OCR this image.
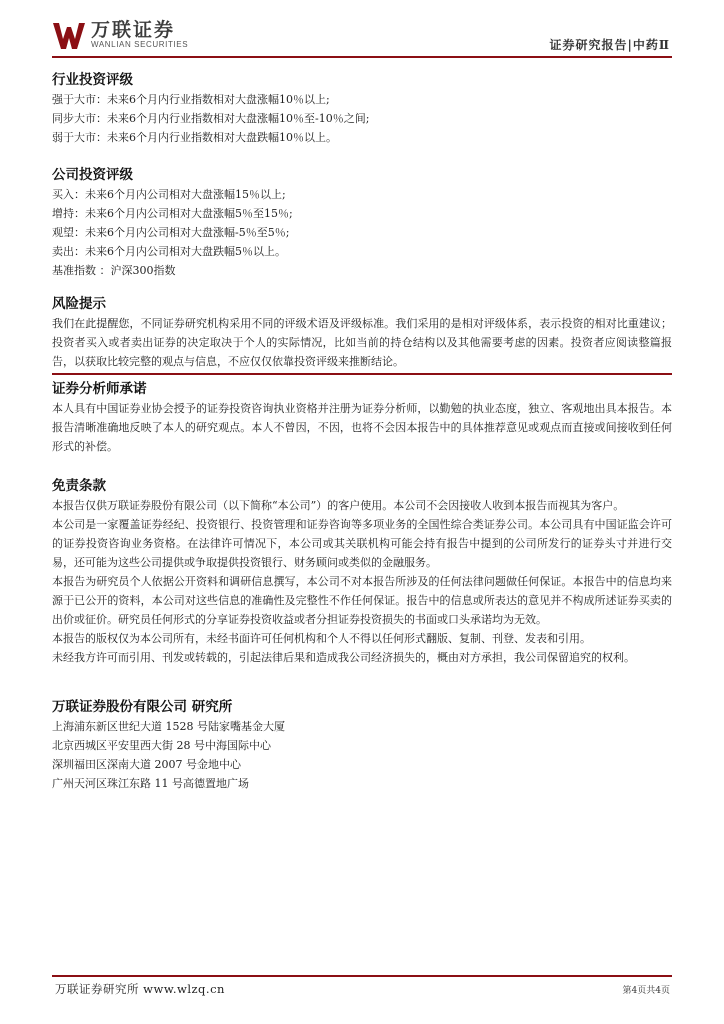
万联证券
WANLIAN SECURITIES	证券研究报告|中药Ⅱ

行业投资评级

强于大市：未来6个月内行业指数相对大盘涨幅10％以上;

同步大市：未来6个月内行业指数相对大盘涨幅10％至-10％之间;

弱于大市：未来6个月内行业指数相对大盘跌幅10％以上。

公司投资评级

买入：未来6个月内公司相对大盘涨幅15％以上;

增持：未来6个月内公司相对大盘涨幅5％至15％;

观望：未来6个月内公司相对大盘涨幅-5％至5％;

卖出：未来6个月内公司相对大盘跌幅5％以上。

基准指数 ：沪深300指数

风险提示

我们在此提醒您，不同证券研究机构采用不同的评级术语及评级标准。我们采用的是相对评级体系，表示投资的相对比重建议；投资者买入或者卖出证券的决定取决于个人的实际情况，比如当前的持仓结构以及其他需要考虑的因素。投资者应阅读整篇报告，以获取比较完整的观点与信息，不应仅仅依靠投资评级来推断结论。

证券分析师承诺

本人具有中国证券业协会授予的证券投资咨询执业资格并注册为证券分析师，以勤勉的执业态度，独立、客观地出具本报告。本报告清晰准确地反映了本人的研究观点。本人不曾因，不因，也将不会因本报告中的具体推荐意见或观点而直接或间接收到任何形式的补偿。

免责条款

本报告仅供万联证券股份有限公司（以下简称“本公司”）的客户使用。本公司不会因接收人收到本报告而视其为客户。

本公司是一家覆盖证券经纪、投资银行、投资管理和证券咨询等多项业务的全国性综合类证券公司。本公司具有中国证监会许可的证券投资咨询业务资格。在法律许可情况下，本公司或其关联机构可能会持有报告中提到的公司所发行的证券头寸并进行交易，还可能为这些公司提供或争取提供投资银行、财务顾问或类似的金融服务。

本报告为研究员个人依据公开资料和调研信息撰写，本公司不对本报告所涉及的任何法律问题做任何保证。本报告中的信息均来源于已公开的资料，本公司对这些信息的准确性及完整性不作任何保证。报告中的信息或所表达的意见并不构成所述证券买卖的出价或征价。研究员任何形式的分享证券投资收益或者分担证券投资损失的书面或口头承诺均为无效。

本报告的版权仅为本公司所有，未经书面许可任何机构和个人不得以任何形式翻版、复制、刊登、发表和引用。

未经我方许可而引用、刊发或转载的，引起法律后果和造成我公司经济损失的，概由对方承担，我公司保留追究的权利。

万联证券股份有限公司 研究所

上海浦东新区世纪大道 1528 号陆家嘴基金大厦

北京西城区平安里西大街 28 号中海国际中心

深圳福田区深南大道 2007 号金地中心

广州天河区珠江东路 11 号高德置地广场

万联证券研究所 www.wlzq.cn	第4页共4页
